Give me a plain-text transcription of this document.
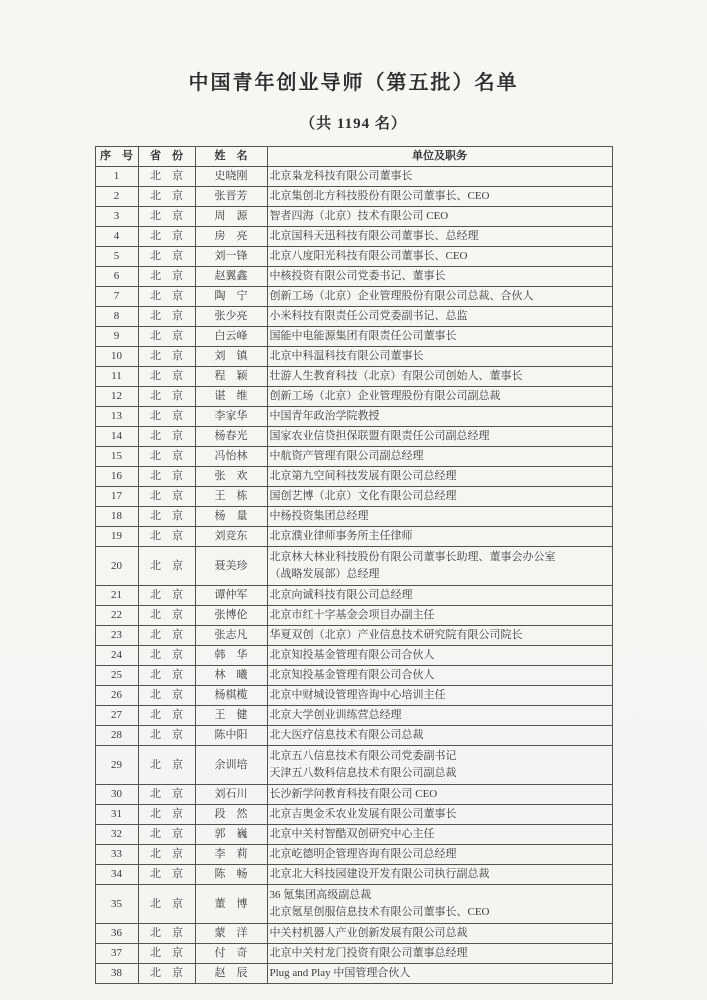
中国青年创业导师（第五批）名单
（共 1194 名）
序　号	省　份	姓　名	单位及职务
1	北　京	史晓刚	北京枭龙科技有限公司董事长

2	北　京	张晋芳	北京集创北方科技股份有限公司董事长、CEO

3	北　京	周　源	智者四海（北京）技术有限公司 CEO

4	北　京	房　亮	北京国科天迅科技有限公司董事长、总经理

5	北　京	刘一锋	北京八度阳光科技有限公司董事长、CEO

6	北　京	赵翼鑫	中核投资有限公司党委书记、董事长

7	北　京	陶　宁	创新工场（北京）企业管理股份有限公司总裁、合伙人

8	北　京	张少亮	小米科技有限责任公司党委副书记、总监

9	北　京	白云峰	国能中电能源集团有限责任公司董事长

10	北　京	刘　镇	北京中科温科技有限公司董事长

11	北　京	程　颖	壮游人生教育科技（北京）有限公司创始人、董事长

12	北　京	谌　维	创新工场（北京）企业管理股份有限公司副总裁

13	北　京	李家华	中国青年政治学院教授

14	北　京	杨春光	国家农业信贷担保联盟有限责任公司副总经理

15	北　京	冯怡林	中航资产管理有限公司副总经理

16	北　京	张　欢	北京第九空间科技发展有限公司总经理

17	北　京	王　栋	国创艺博（北京）文化有限公司总经理

18	北　京	杨　量	中杨投资集团总经理

19	北　京	刘竞东	北京濮业律师事务所主任律师

20	北　京	聂美珍	北京林大林业科技股份有限公司董事长助理、董事会办公室
（战略发展部）总经理

21	北　京	谭仲军	北京向诚科技有限公司总经理

22	北　京	张博伦	北京市红十字基金会项目办副主任

23	北　京	张志凡	华夏双创（北京）产业信息技术研究院有限公司院长

24	北　京	韩　华	北京知投基金管理有限公司合伙人

25	北　京	林　曦	北京知投基金管理有限公司合伙人

26	北　京	杨棋榄	北京中财城设管理咨询中心培训主任

27	北　京	王　健	北京大学创业训练营总经理

28	北　京	陈中阳	北大医疗信息技术有限公司总裁

29	北　京	余训培	北京五八信息技术有限公司党委副书记
天津五八数科信息技术有限公司副总裁

30	北　京	刘石川	长沙新学问教育科技有限公司 CEO

31	北　京	段　然	北京吉奥金禾农业发展有限公司董事长

32	北　京	郭　巍	北京中关村智酷双创研究中心主任

33	北　京	李　莉	北京屹德明企管理咨询有限公司总经理

34	北　京	陈　畅	北京北大科技园建设开发有限公司执行副总裁

35	北　京	董　博	36 氪集团高级副总裁
北京氪星创服信息技术有限公司董事长、CEO

36	北　京	蒙　洋	中关村机器人产业创新发展有限公司总裁

37	北　京	付　奇	北京中关村龙门投资有限公司董事总经理

38	北　京	赵　辰	Plug and Play 中国管理合伙人
